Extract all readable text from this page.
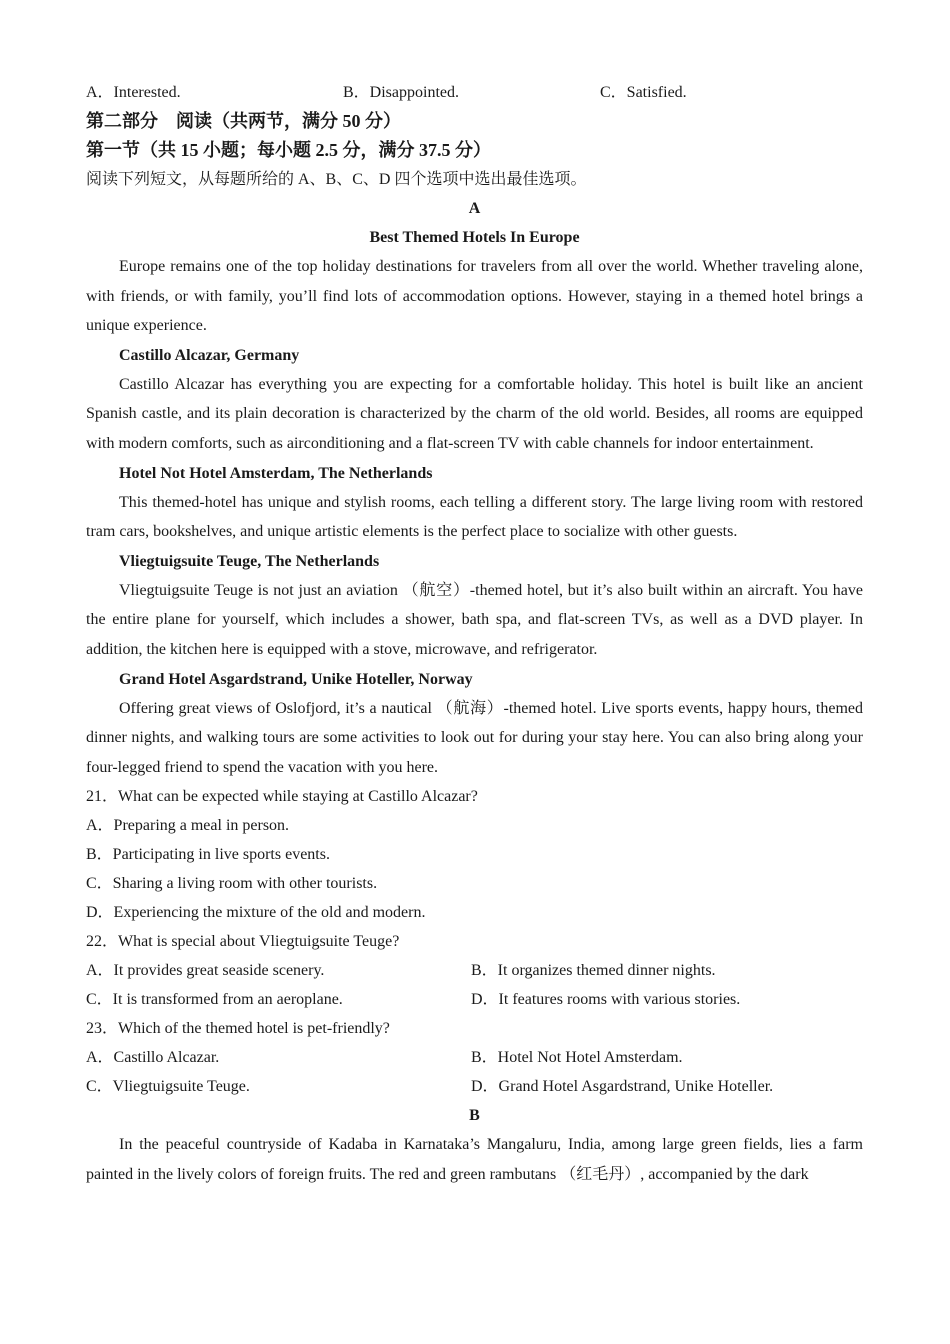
A．Interested.	B．Disappointed.	C．Satisfied.
第二部分　阅读（共两节，满分 50 分）
第一节（共 15 小题；每小题 2.5 分，满分 37.5 分）
阅读下列短文，从每题所给的 A、B、C、D 四个选项中选出最佳选项。
A
Best Themed Hotels In Europe
Europe remains one of the top holiday destinations for travelers from all over the world. Whether traveling alone, with friends, or with family, you’ll find lots of accommodation options. However, staying in a themed hotel brings a unique experience.
Castillo Alcazar, Germany
Castillo Alcazar has everything you are expecting for a comfortable holiday. This hotel is built like an ancient Spanish castle, and its plain decoration is characterized by the charm of the old world. Besides, all rooms are equipped with modern comforts, such as airconditioning and a flat-screen TV with cable channels for indoor entertainment.
Hotel Not Hotel Amsterdam, The Netherlands
This themed-hotel has unique and stylish rooms, each telling a different story. The large living room with restored tram cars, bookshelves, and unique artistic elements is the perfect place to socialize with other guests.
Vliegtuigsuite Teuge, The Netherlands
Vliegtuigsuite Teuge is not just an aviation （航空）-themed hotel, but it’s also built within an aircraft. You have the entire plane for yourself, which includes a shower, bath spa, and flat-screen TVs, as well as a DVD player. In addition, the kitchen here is equipped with a stove, microwave, and refrigerator.
Grand Hotel Asgardstrand, Unike Hoteller, Norway
Offering great views of Oslofjord, it’s a nautical （航海）-themed hotel. Live sports events, happy hours, themed dinner nights, and walking tours are some activities to look out for during your stay here. You can also bring along your four-legged friend to spend the vacation with you here.
21．What can be expected while staying at Castillo Alcazar?
A．Preparing a meal in person.
B．Participating in live sports events.
C．Sharing a living room with other tourists.
D．Experiencing the mixture of the old and modern.
22．What is special about Vliegtuigsuite Teuge?
A．It provides great seaside scenery.	B．It organizes themed dinner nights.
C．It is transformed from an aeroplane.	D．It features rooms with various stories.
23．Which of the themed hotel is pet-friendly?
A．Castillo Alcazar.	B．Hotel Not Hotel Amsterdam.
C．Vliegtuigsuite Teuge.	D．Grand Hotel Asgardstrand, Unike Hoteller.
B
In the peaceful countryside of Kadaba in Karnataka’s Mangaluru, India, among large green fields, lies a farm painted in the lively colors of foreign fruits. The red and green rambutans （红毛丹）, accompanied by the dark
